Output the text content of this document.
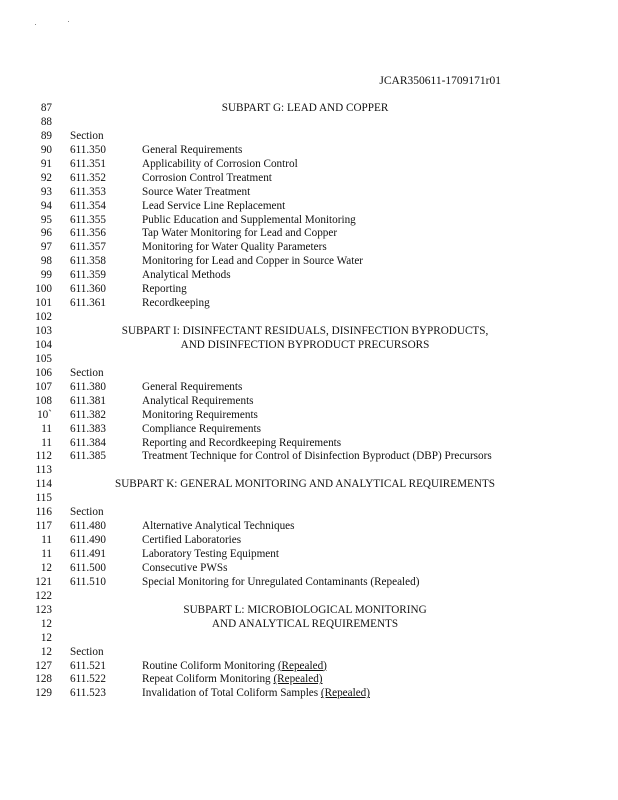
JCAR350611-1709171r01
87	SUBPART G: LEAD AND COPPER
88
89 Section
90 611.350	General Requirements
91 611.351	Applicability of Corrosion Control
92 611.352	Corrosion Control Treatment
93 611.353	Source Water Treatment
94 611.354	Lead Service Line Replacement
95 611.355	Public Education and Supplemental Monitoring
96 611.356	Tap Water Monitoring for Lead and Copper
97 611.357	Monitoring for Water Quality Parameters
98 611.358	Monitoring for Lead and Copper in Source Water
99 611.359	Analytical Methods
100 611.360	Reporting
101 611.361	Recordkeeping
102
103	SUBPART I: DISINFECTANT RESIDUALS, DISINFECTION BYPRODUCTS,
104	AND DISINFECTION BYPRODUCT PRECURSORS
105
106 Section
107 611.380	General Requirements
108 611.381	Analytical Requirements
10` 611.382	Monitoring Requirements
11 611.383	Compliance Requirements
11 611.384	Reporting and Recordkeeping Requirements
112 611.385	Treatment Technique for Control of Disinfection Byproduct (DBP) Precursors
113
114	SUBPART K: GENERAL MONITORING AND ANALYTICAL REQUIREMENTS
115
116 Section
117 611.480	Alternative Analytical Techniques
11 611.490	Certified Laboratories
11 611.491	Laboratory Testing Equipment
12 611.500	Consecutive PWSs
121 611.510	Special Monitoring for Unregulated Contaminants (Repealed)
122
123	SUBPART L: MICROBIOLOGICAL MONITORING
12	AND ANALYTICAL REQUIREMENTS
12
12 Section
127 611.521	Routine Coliform Monitoring (Repealed)
128 611.522	Repeat Coliform Monitoring (Repealed)
129 611.523	Invalidation of Total Coliform Samples (Repealed)
